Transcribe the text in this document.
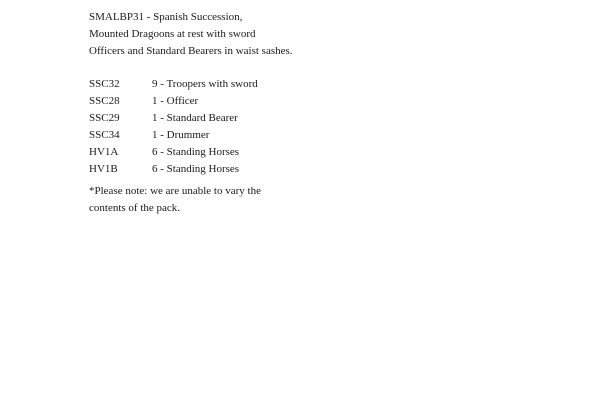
SMALBP31 - Spanish Succession,
Mounted Dragoons at rest with sword
Officers and Standard Bearers in waist sashes.
SSC32	9 - Troopers with sword
SSC28	1 - Officer
SSC29	1 - Standard Bearer
SSC34	1 - Drummer
HV1A	6 - Standing Horses
HV1B	6 - Standing Horses
*Please note: we are unable to vary the
contents of the pack.
